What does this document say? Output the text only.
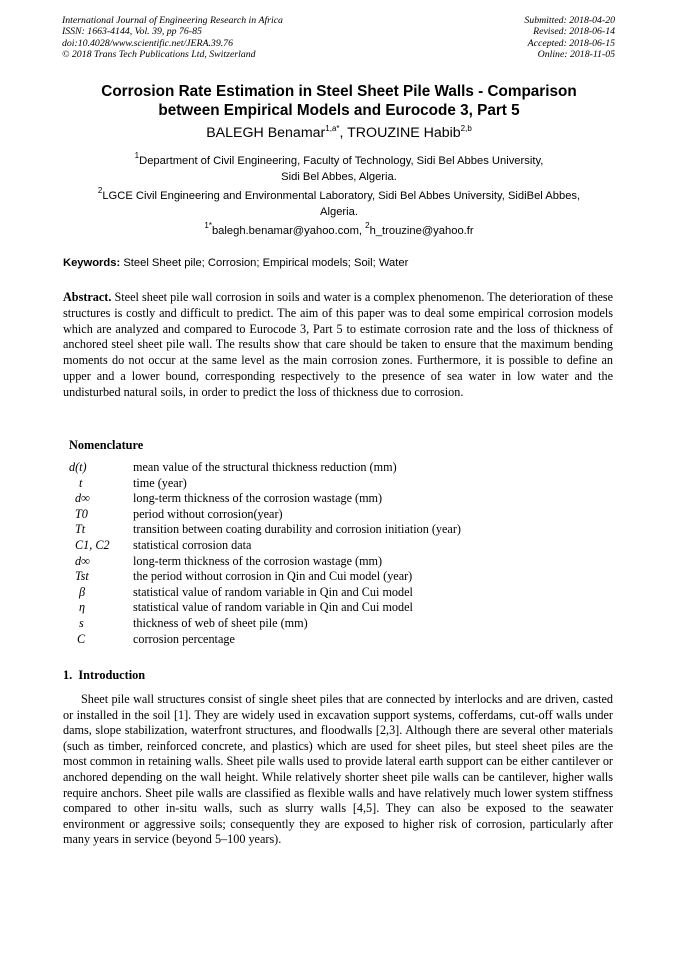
International Journal of Engineering Research in Africa
ISSN: 1663-4144, Vol. 39, pp 76-85
doi:10.4028/www.scientific.net/JERA.39.76
© 2018 Trans Tech Publications Ltd, Switzerland
Submitted: 2018-04-20
Revised: 2018-06-14
Accepted: 2018-06-15
Online: 2018-11-05
Corrosion Rate Estimation in Steel Sheet Pile Walls - Comparison
between Empirical Models and Eurocode 3, Part 5
BALEGH Benamar$^{1,a*}$, TROUZINE Habib$^{2,b}$
$^1$Department of Civil Engineering, Faculty of Technology, Sidi Bel Abbes University,
Sidi Bel Abbes, Algeria.
$^2$LGCE Civil Engineering and Environmental Laboratory, Sidi Bel Abbes University, SidiBel Abbes,
Algeria.
$^{1*}$balegh.benamar@yahoo.com, $^2$h_trouzine@yahoo.fr
Keywords: Steel Sheet pile; Corrosion; Empirical models; Soil; Water
Abstract. Steel sheet pile wall corrosion in soils and water is a complex phenomenon. The deterioration of these structures is costly and difficult to predict. The aim of this paper was to deal some empirical corrosion models which are analyzed and compared to Eurocode 3, Part 5 to estimate corrosion rate and the loss of thickness of anchored steel sheet pile wall. The results show that care should be taken to ensure that the maximum bending moments do not occur at the same level as the main corrosion zones. Furthermore, it is possible to define an upper and a lower bound, corresponding respectively to the presence of sea water in low water and the undisturbed natural soils, in order to predict the loss of thickness due to corrosion.
Nomenclature
d(t)	mean value of the structural thickness reduction (mm)
t	time (year)
d∞	long-term thickness of the corrosion wastage (mm)
T0	period without corrosion(year)
Tt	transition between coating durability and corrosion initiation (year)
C1, C2 statistical corrosion data
d∞	long-term thickness of the corrosion wastage (mm)
Tst	the period without corrosion in Qin and Cui model (year)
β	statistical value of random variable in Qin and Cui model
η	statistical value of random variable in Qin and Cui model
s	thickness of web of sheet pile (mm)
C	corrosion percentage
1. Introduction
Sheet pile wall structures consist of single sheet piles that are connected by interlocks and are driven, casted or installed in the soil [1]. They are widely used in excavation support systems, cofferdams, cut-off walls under dams, slope stabilization, waterfront structures, and floodwalls [2,3]. Although there are several other materials (such as timber, reinforced concrete, and plastics) which are used for sheet piles, but steel sheet piles are the most common in retaining walls. Sheet pile walls used to provide lateral earth support can be either cantilever or anchored depending on the wall height. While relatively shorter sheet pile walls can be cantilever, higher walls require anchors. Sheet pile walls are classified as flexible walls and have relatively much lower system stiffness compared to other in-situ walls, such as slurry walls [4,5]. They can also be exposed to the seawater environment or aggressive soils; consequently they are exposed to higher risk of corrosion, particularly after many years in service (beyond 5–100 years).
